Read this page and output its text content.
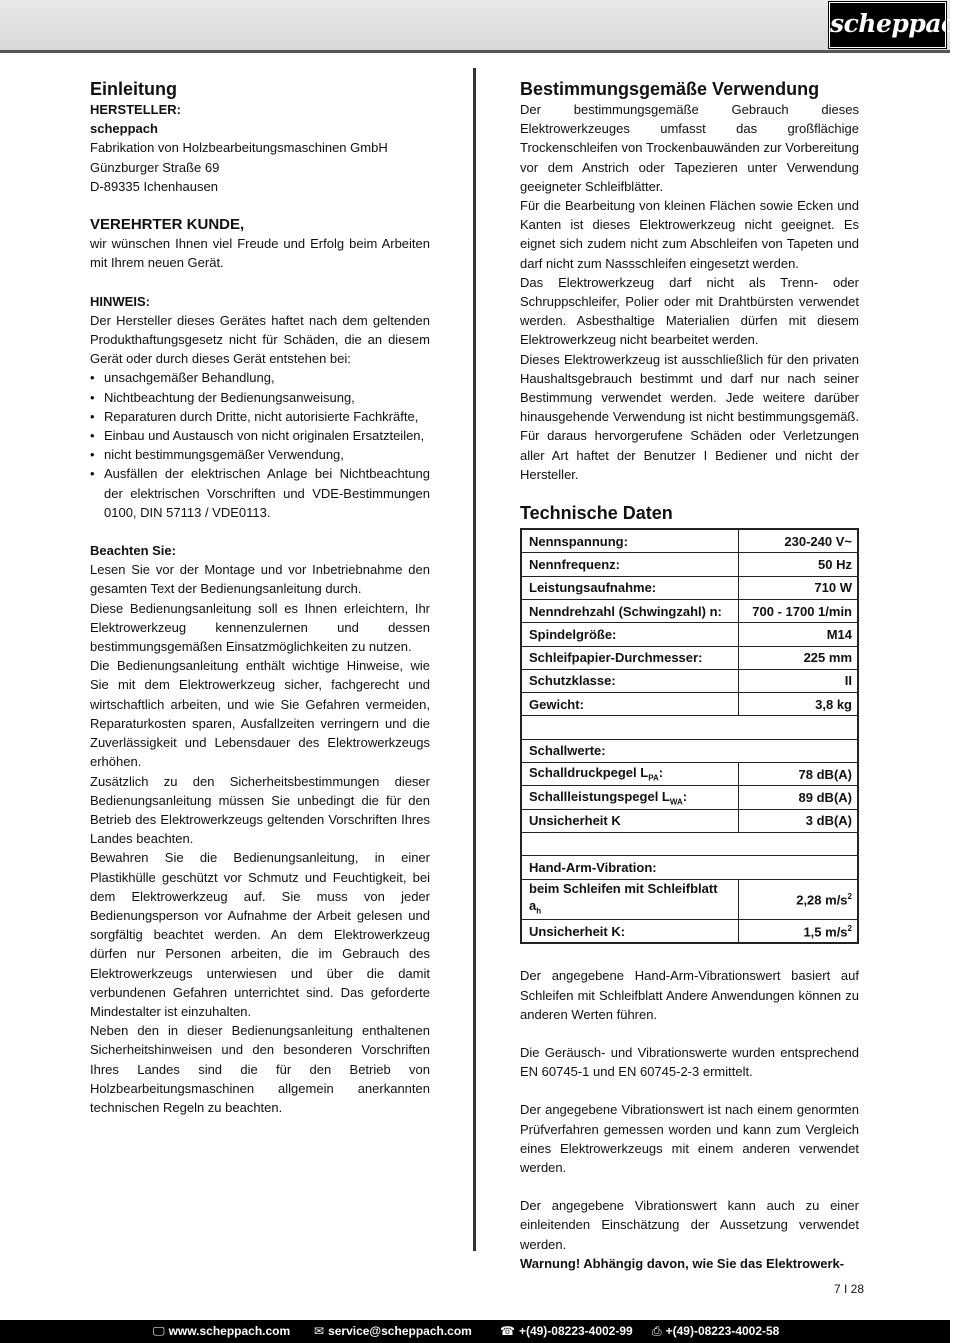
scheppach
Einleitung

HERSTELLER:

scheppach

Fabrikation von Holzbearbeitungsmaschinen GmbH

Günzburger Straße 69

D-89335 Ichenhausen

VEREHRTER KUNDE,

wir wünschen Ihnen viel Freude und Erfolg beim Arbeiten mit Ihrem neuen Gerät.

HINWEIS:

Der Hersteller dieses Gerätes haftet nach dem geltenden Produkthaftungsgesetz nicht für Schäden, die an diesem Gerät oder durch dieses Gerät entstehen bei:

• unsachgemäßer Behandlung,
• Nichtbeachtung der Bedienungsanweisung,
• Reparaturen durch Dritte, nicht autorisierte Fachkräfte,
• Einbau und Austausch von nicht originalen Ersatzteilen,
• nicht bestimmungsgemäßer Verwendung,
• Ausfällen der elektrischen Anlage bei Nichtbeachtung der elektrischen Vorschriften und VDE-Bestimmungen 0100, DIN 57113 / VDE0113.

Beachten Sie:

Lesen Sie vor der Montage und vor Inbetriebnahme den gesamten Text der Bedienungsanleitung durch.

Diese Bedienungsanleitung soll es Ihnen erleichtern, Ihr Elektrowerkzeug kennenzulernen und dessen bestimmungsgemäßen Einsatzmöglichkeiten zu nutzen.

Die Bedienungsanleitung enthält wichtige Hinweise, wie Sie mit dem Elektrowerkzeug sicher, fachgerecht und wirtschaftlich arbeiten, und wie Sie Gefahren vermeiden, Reparaturkosten sparen, Ausfallzeiten verringern und die Zuverlässigkeit und Lebensdauer des Elektrowerkzeugs erhöhen.

Zusätzlich zu den Sicherheitsbestimmungen dieser Bedienungsanleitung müssen Sie unbedingt die für den Betrieb des Elektrowerkzeugs geltenden Vorschriften Ihres Landes beachten.

Bewahren Sie die Bedienungsanleitung, in einer Plastikhülle geschützt vor Schmutz und Feuchtigkeit, bei dem Elektrowerkzeug auf. Sie muss von jeder Bedienungsperson vor Aufnahme der Arbeit gelesen und sorgfältig beachtet werden. An dem Elektrowerkzeug dürfen nur Personen arbeiten, die im Gebrauch des Elektrowerkzeugs unterwiesen und über die damit verbundenen Gefahren unterrichtet sind. Das geforderte Mindestalter ist einzuhalten.

Neben den in dieser Bedienungsanleitung enthaltenen Sicherheitshinweisen und den besonderen Vorschriften Ihres Landes sind die für den Betrieb von Holzbearbeitungsmaschinen allgemein anerkannten technischen Regeln zu beachten.

Bestimmungsgemäße Verwendung

Der bestimmungsgemäße Gebrauch dieses Elektrowerkzeuges umfasst das großflächige Trockenschleifen von Trockenbauwänden zur Vorbereitung vor dem Anstrich oder Tapezieren unter Verwendung geeigneter Schleifblätter.

Für die Bearbeitung von kleinen Flächen sowie Ecken und Kanten ist dieses Elektrowerkzeug nicht geeignet. Es eignet sich zudem nicht zum Abschleifen von Tapeten und darf nicht zum Nassschleifen eingesetzt werden.

Das Elektrowerkzeug darf nicht als Trenn- oder Schruppschleifer, Polier oder mit Drahtbürsten verwendet werden. Asbesthaltige Materialien dürfen mit diesem Elektrowerkzeug nicht bearbeitet werden.

Dieses Elektrowerkzeug ist ausschließlich für den privaten Haushaltsgebrauch bestimmt und darf nur nach seiner Bestimmung verwendet werden. Jede weitere darüber hinausgehende Verwendung ist nicht bestimmungsgemäß. Für daraus hervorgerufene Schäden oder Verletzungen aller Art haftet der Benutzer I Bediener und nicht der Hersteller.

Technische Daten
Nennspannung:	230-240 V~
Nennfrequenz:	50 Hz
Leistungsaufnahme:	710 W
Nenndrehzahl (Schwingzahl) n:	700 - 1700 1/min
Spindelgröße:	M14
Schleifpapier-Durchmesser:	225 mm
Schutzklasse:	II
Gewicht:	3,8 kg

Schallwerte:	
Schalldruckpegel $L_{PA}$:	78 dB(A)
Schallleistungspegel $L_{WA}$:	89 dB(A)
Unsicherheit K	3 dB(A)

Hand-Arm-Vibration:	
beim Schleifen mit Schleifblatt
$a_h$	2,28 $m/s^2$
Unsicherheit K:	1,5 $m/s^2$

Der angegebene Hand-Arm-Vibrationswert basiert auf Schleifen mit Schleifblatt Andere Anwendungen können zu anderen Werten führen.

Die Geräusch- und Vibrationswerte wurden entsprechend EN 60745-1 und EN 60745-2-3 ermittelt.

Der angegebene Vibrationswert ist nach einem genormten Prüfverfahren gemessen worden und kann zum Vergleich eines Elektrowerkzeugs mit einem anderen verwendet werden.

Der angegebene Vibrationswert kann auch zu einer einleitenden Einschätzung der Aussetzung verwendet werden.

Warnung! Abhängig davon, wie Sie das Elektrowerk-

7 I 28
🖵 www.scheppach.com ✉ service@scheppach.com ☎ +(49)-08223-4002-99 ⎙ +(49)-08223-4002-58
